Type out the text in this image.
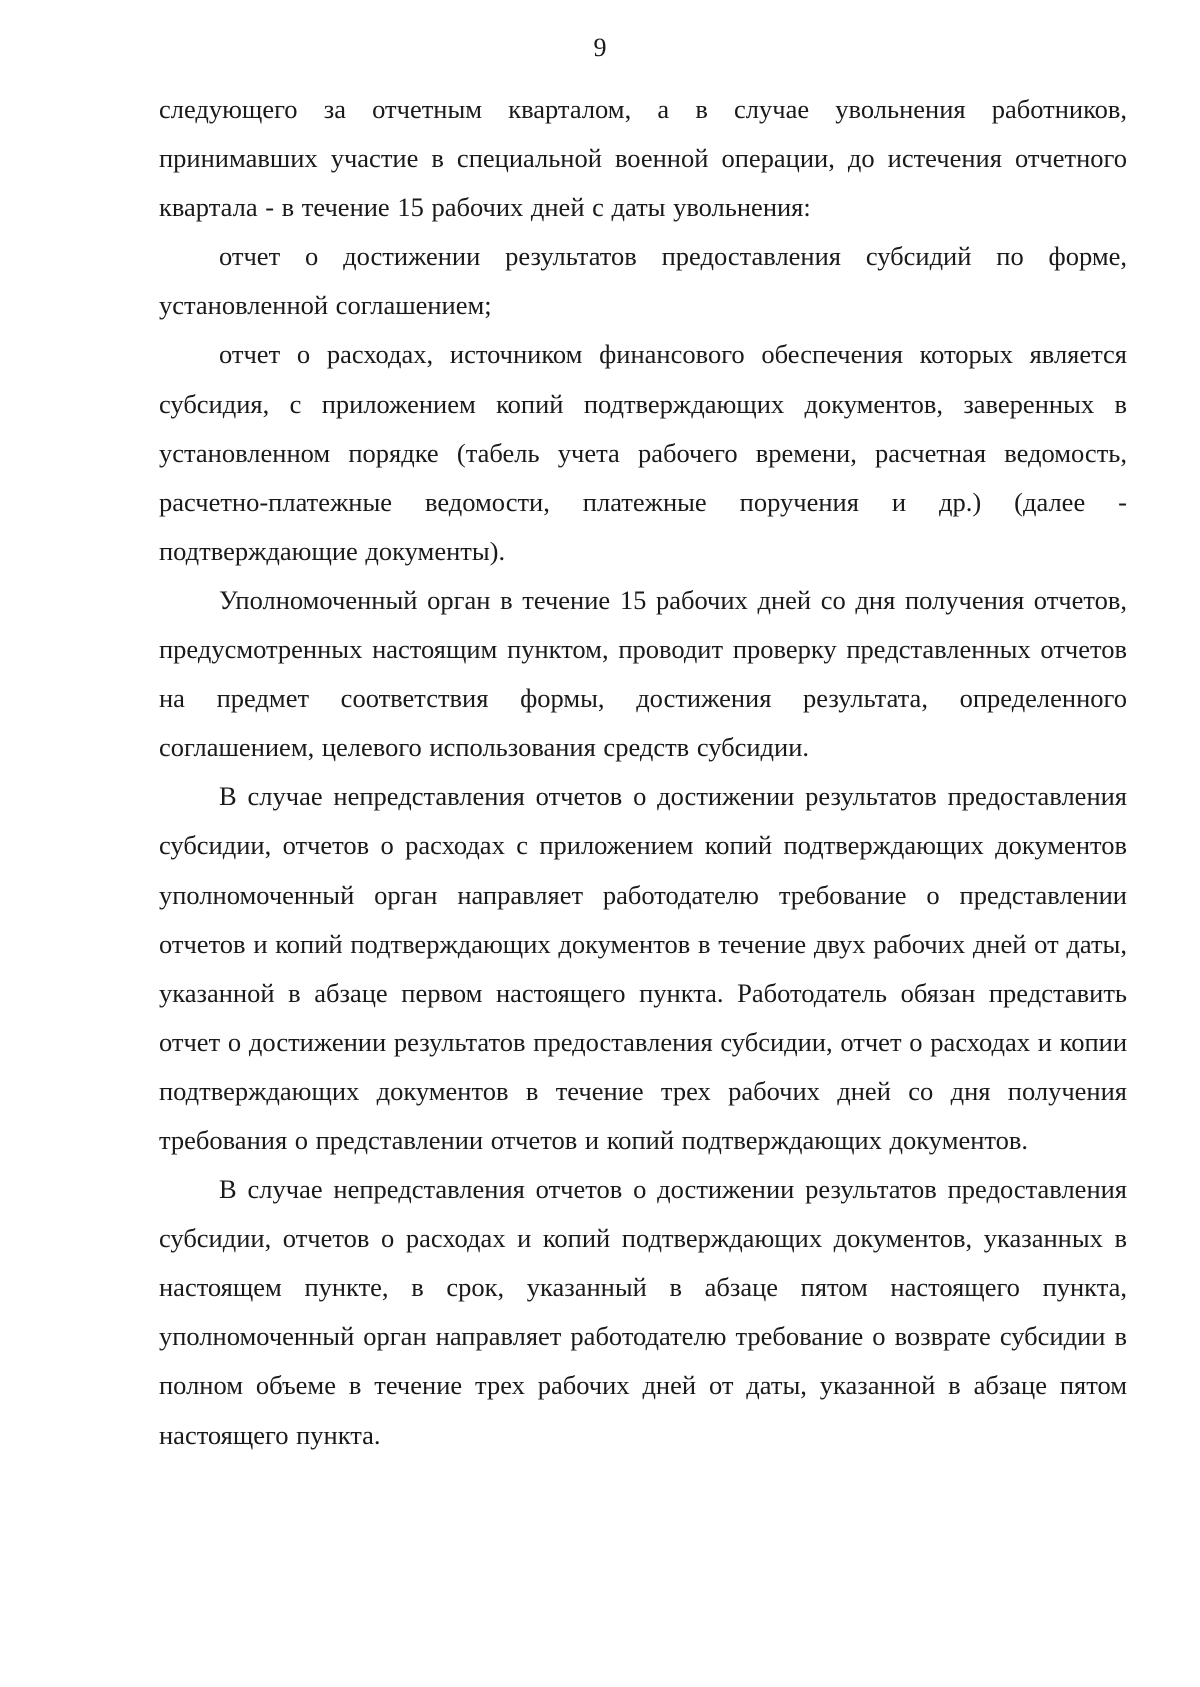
9

следующего за отчетным кварталом, а в случае увольнения работников, принимавших участие в специальной военной операции, до истечения отчетного квартала - в течение 15 рабочих дней с даты увольнения:

отчет о достижении результатов предоставления субсидий по форме, установленной соглашением;

отчет о расходах, источником финансового обеспечения которых является субсидия, с приложением копий подтверждающих документов, заверенных в установленном порядке (табель учета рабочего времени, расчетная ведомость, расчетно-платежные ведомости, платежные поручения и др.) (далее - подтверждающие документы).

Уполномоченный орган в течение 15 рабочих дней со дня получения отчетов, предусмотренных настоящим пунктом, проводит проверку представленных отчетов на предмет соответствия формы, достижения результата, определенного соглашением, целевого использования средств субсидии.

В случае непредставления отчетов о достижении результатов предоставления субсидии, отчетов о расходах с приложением копий подтверждающих документов уполномоченный орган направляет работодателю требование о представлении отчетов и копий подтверждающих документов в течение двух рабочих дней от даты, указанной в абзаце первом настоящего пункта. Работодатель обязан представить отчет о достижении результатов предоставления субсидии, отчет о расходах и копии подтверждающих документов в течение трех рабочих дней со дня получения требования о представлении отчетов и копий подтверждающих документов.

В случае непредставления отчетов о достижении результатов предоставления субсидии, отчетов о расходах и копий подтверждающих документов, указанных в настоящем пункте, в срок, указанный в абзаце пятом настоящего пункта, уполномоченный орган направляет работодателю требование о возврате субсидии в полном объеме в течение трех рабочих дней от даты, указанной в абзаце пятом настоящего пункта.
